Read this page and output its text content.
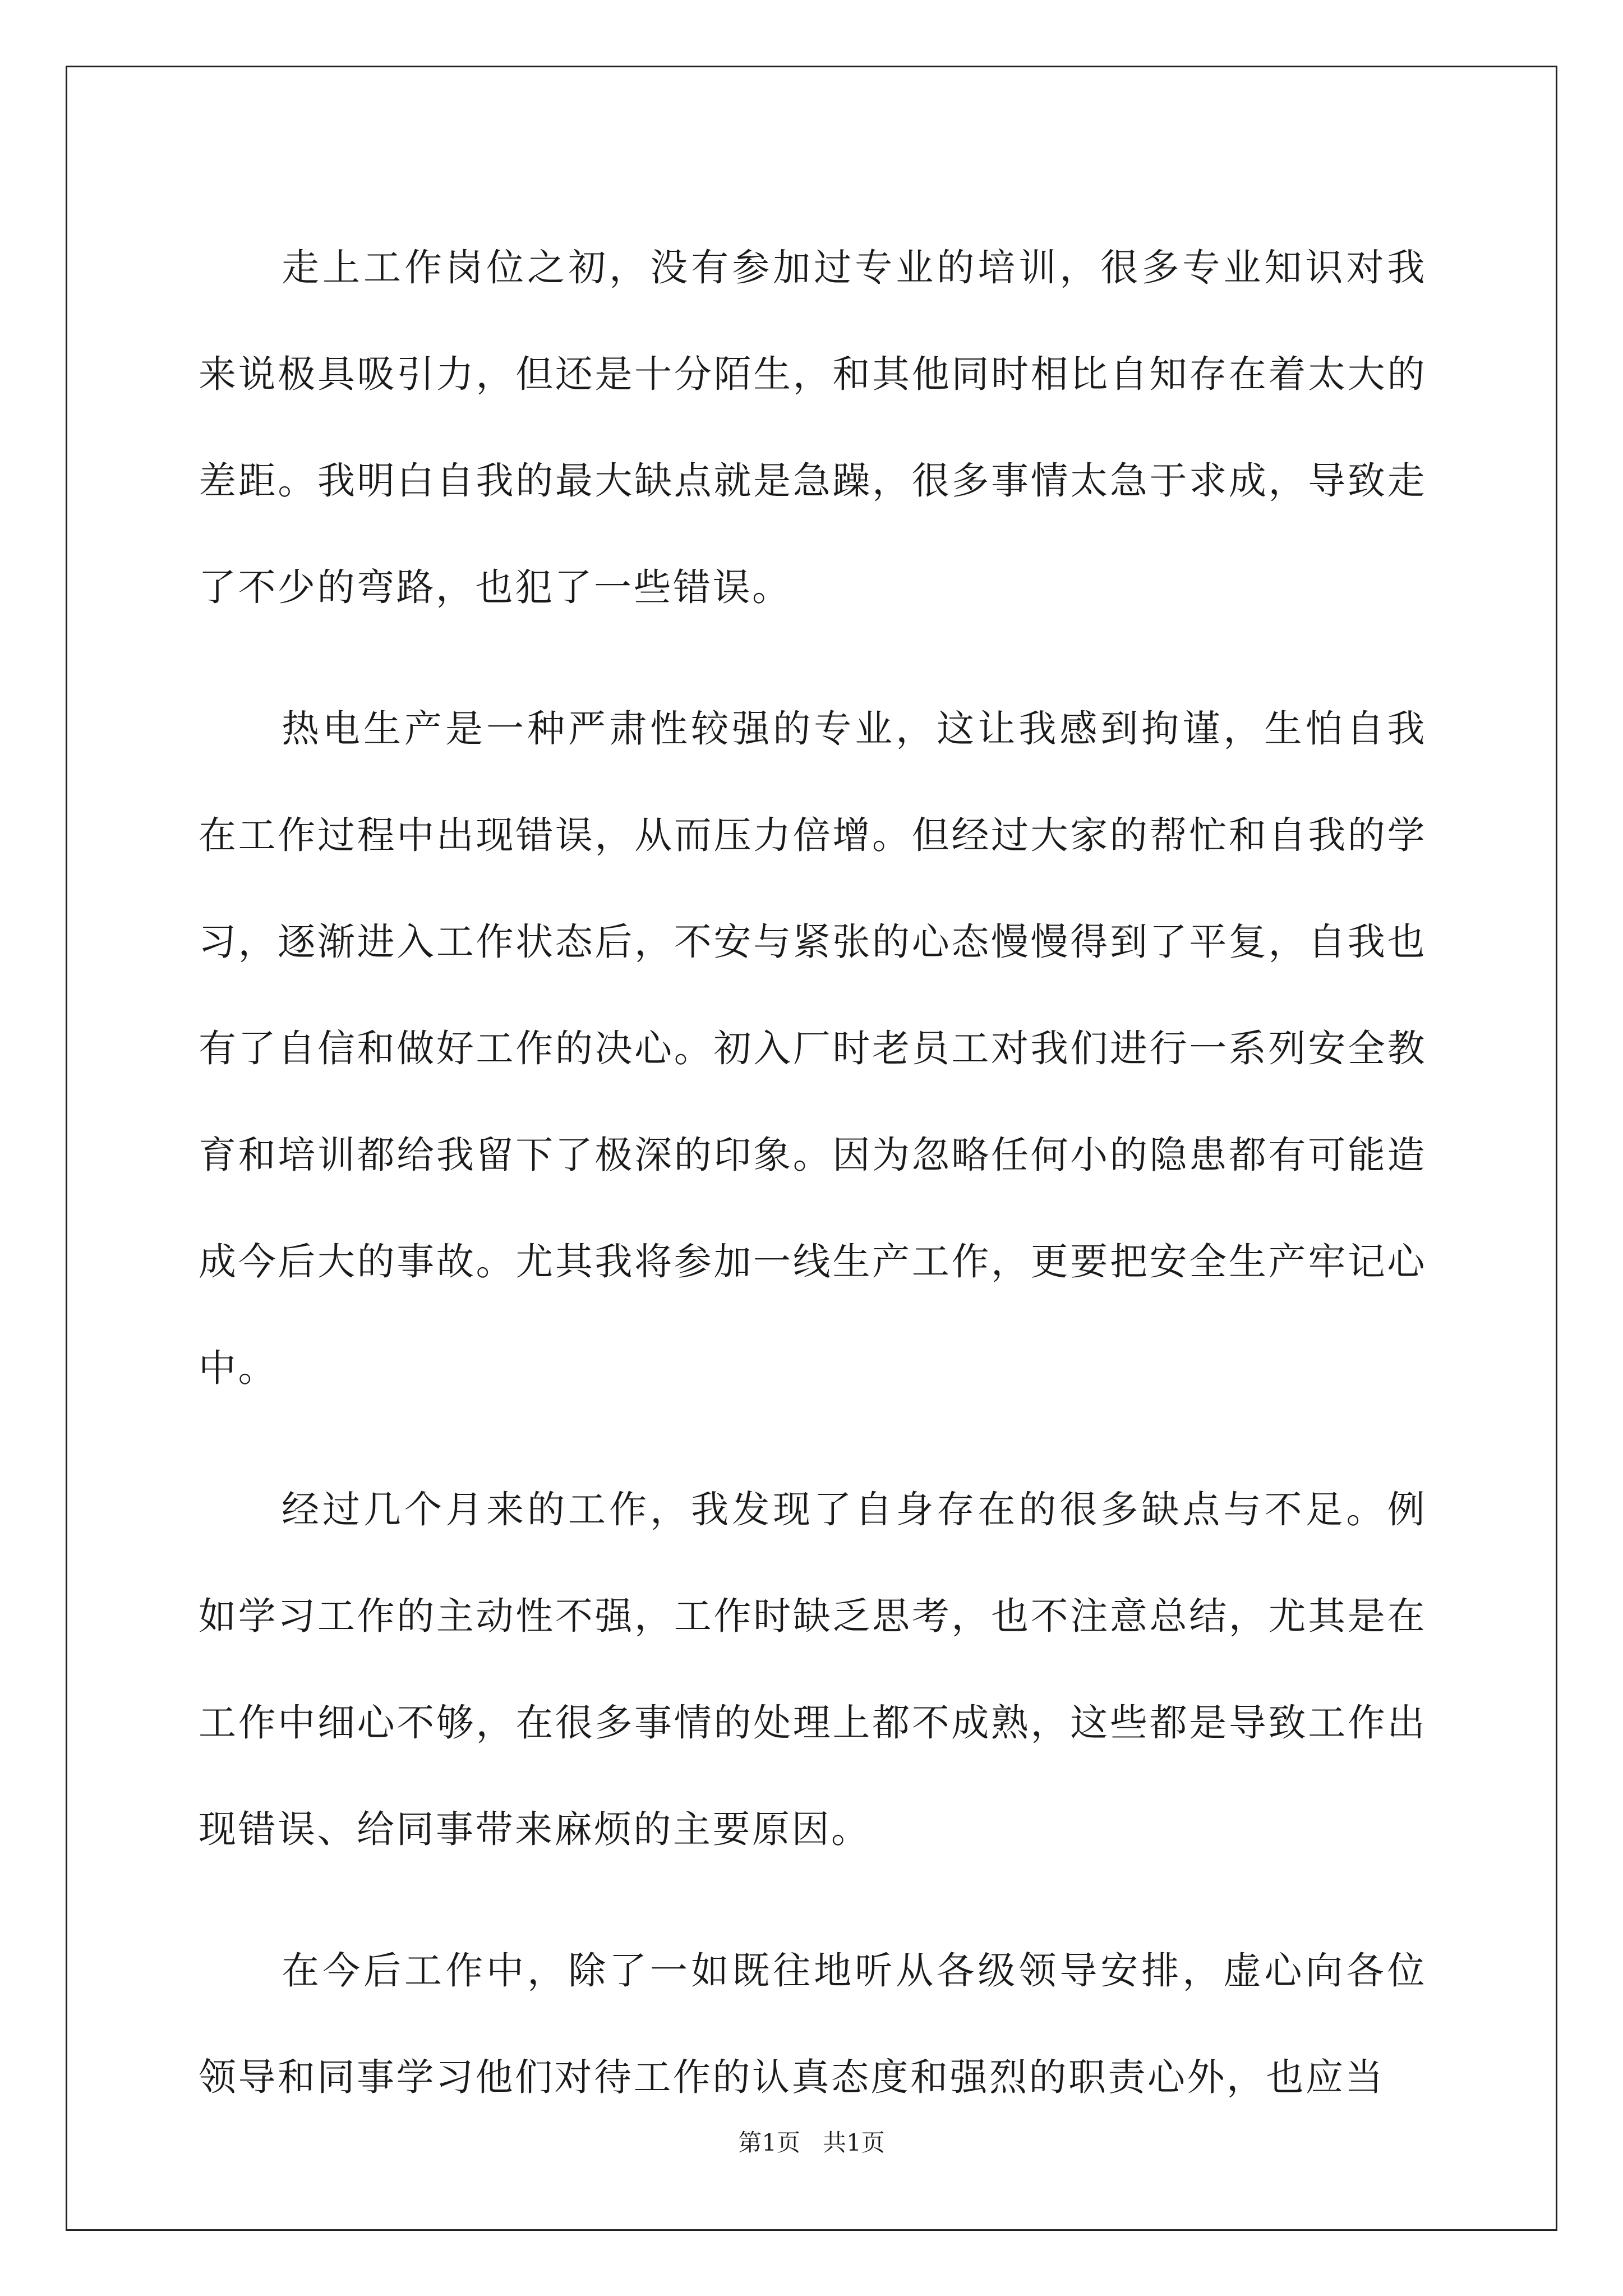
走上工作岗位之初，没有参加过专业的培训，很多专业知识对我来说极具吸引力，但还是十分陌生，和其他同时相比自知存在着太大的差距。我明白自我的最大缺点就是急躁，很多事情太急于求成，导致走了不少的弯路，也犯了一些错误。

热电生产是一种严肃性较强的专业，这让我感到拘谨，生怕自我在工作过程中出现错误，从而压力倍增。但经过大家的帮忙和自我的学习，逐渐进入工作状态后，不安与紧张的心态慢慢得到了平复，自我也有了自信和做好工作的决心。初入厂时老员工对我们进行一系列安全教育和培训都给我留下了极深的印象。因为忽略任何小的隐患都有可能造成今后大的事故。尤其我将参加一线生产工作，更要把安全生产牢记心中。

经过几个月来的工作，我发现了自身存在的很多缺点与不足。例如学习工作的主动性不强，工作时缺乏思考，也不注意总结，尤其是在工作中细心不够，在很多事情的处理上都不成熟，这些都是导致工作出现错误、给同事带来麻烦的主要原因。

在今后工作中，除了一如既往地听从各级领导安排，虚心向各位领导和同事学习他们对待工作的认真态度和强烈的职责心外，也应当

第1页   共1页
